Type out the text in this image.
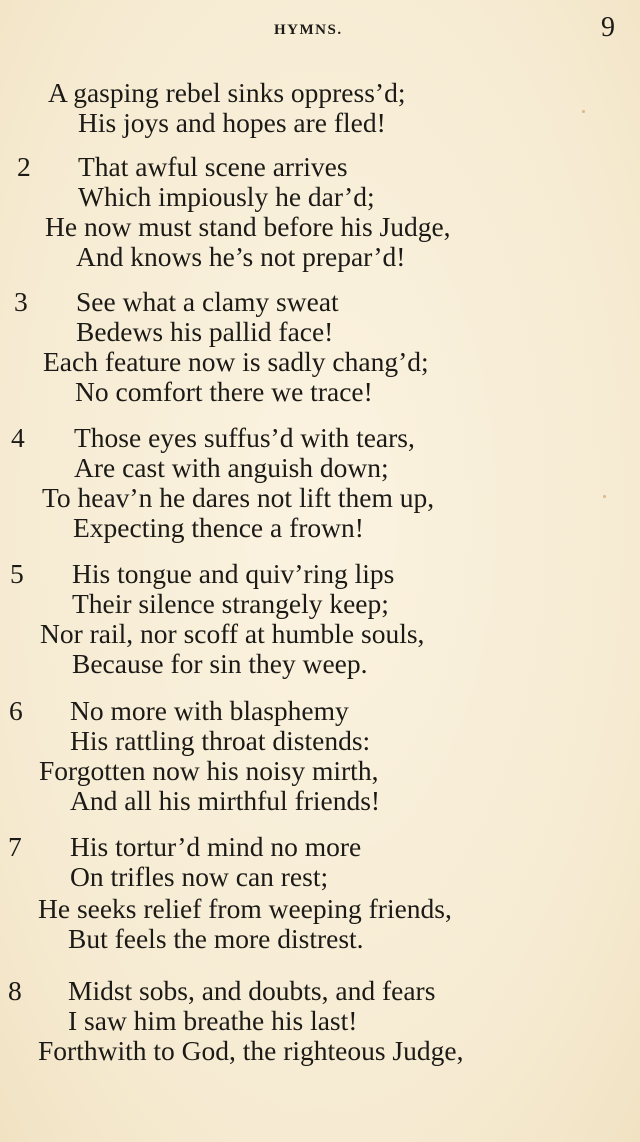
HYMNS.	9
A gasping rebel sinks oppress’d;
His joys and hopes are fled!
2 That awful scene arrives
Which impiously he dar’d;
He now must stand before his Judge,
And knows he’s not prepar’d!
3 See what a clamy sweat
Bedews his pallid face!
Each feature now is sadly chang’d;
No comfort there we trace!
4 Those eyes suffus’d with tears,
Are cast with anguish down;
To heav’n he dares not lift them up,
Expecting thence a frown!
5 His tongue and quiv’ring lips
Their silence strangely keep;
Nor rail, nor scoff at humble souls,
Because for sin they weep.
6 No more with blasphemy
His rattling throat distends:
Forgotten now his noisy mirth,
And all his mirthful friends!
7 His tortur’d mind no more
On trifles now can rest;
He seeks relief from weeping friends,
But feels the more distrest.
8 Midst sobs, and doubts, and fears
I saw him breathe his last!
Forthwith to God, the righteous Judge,
